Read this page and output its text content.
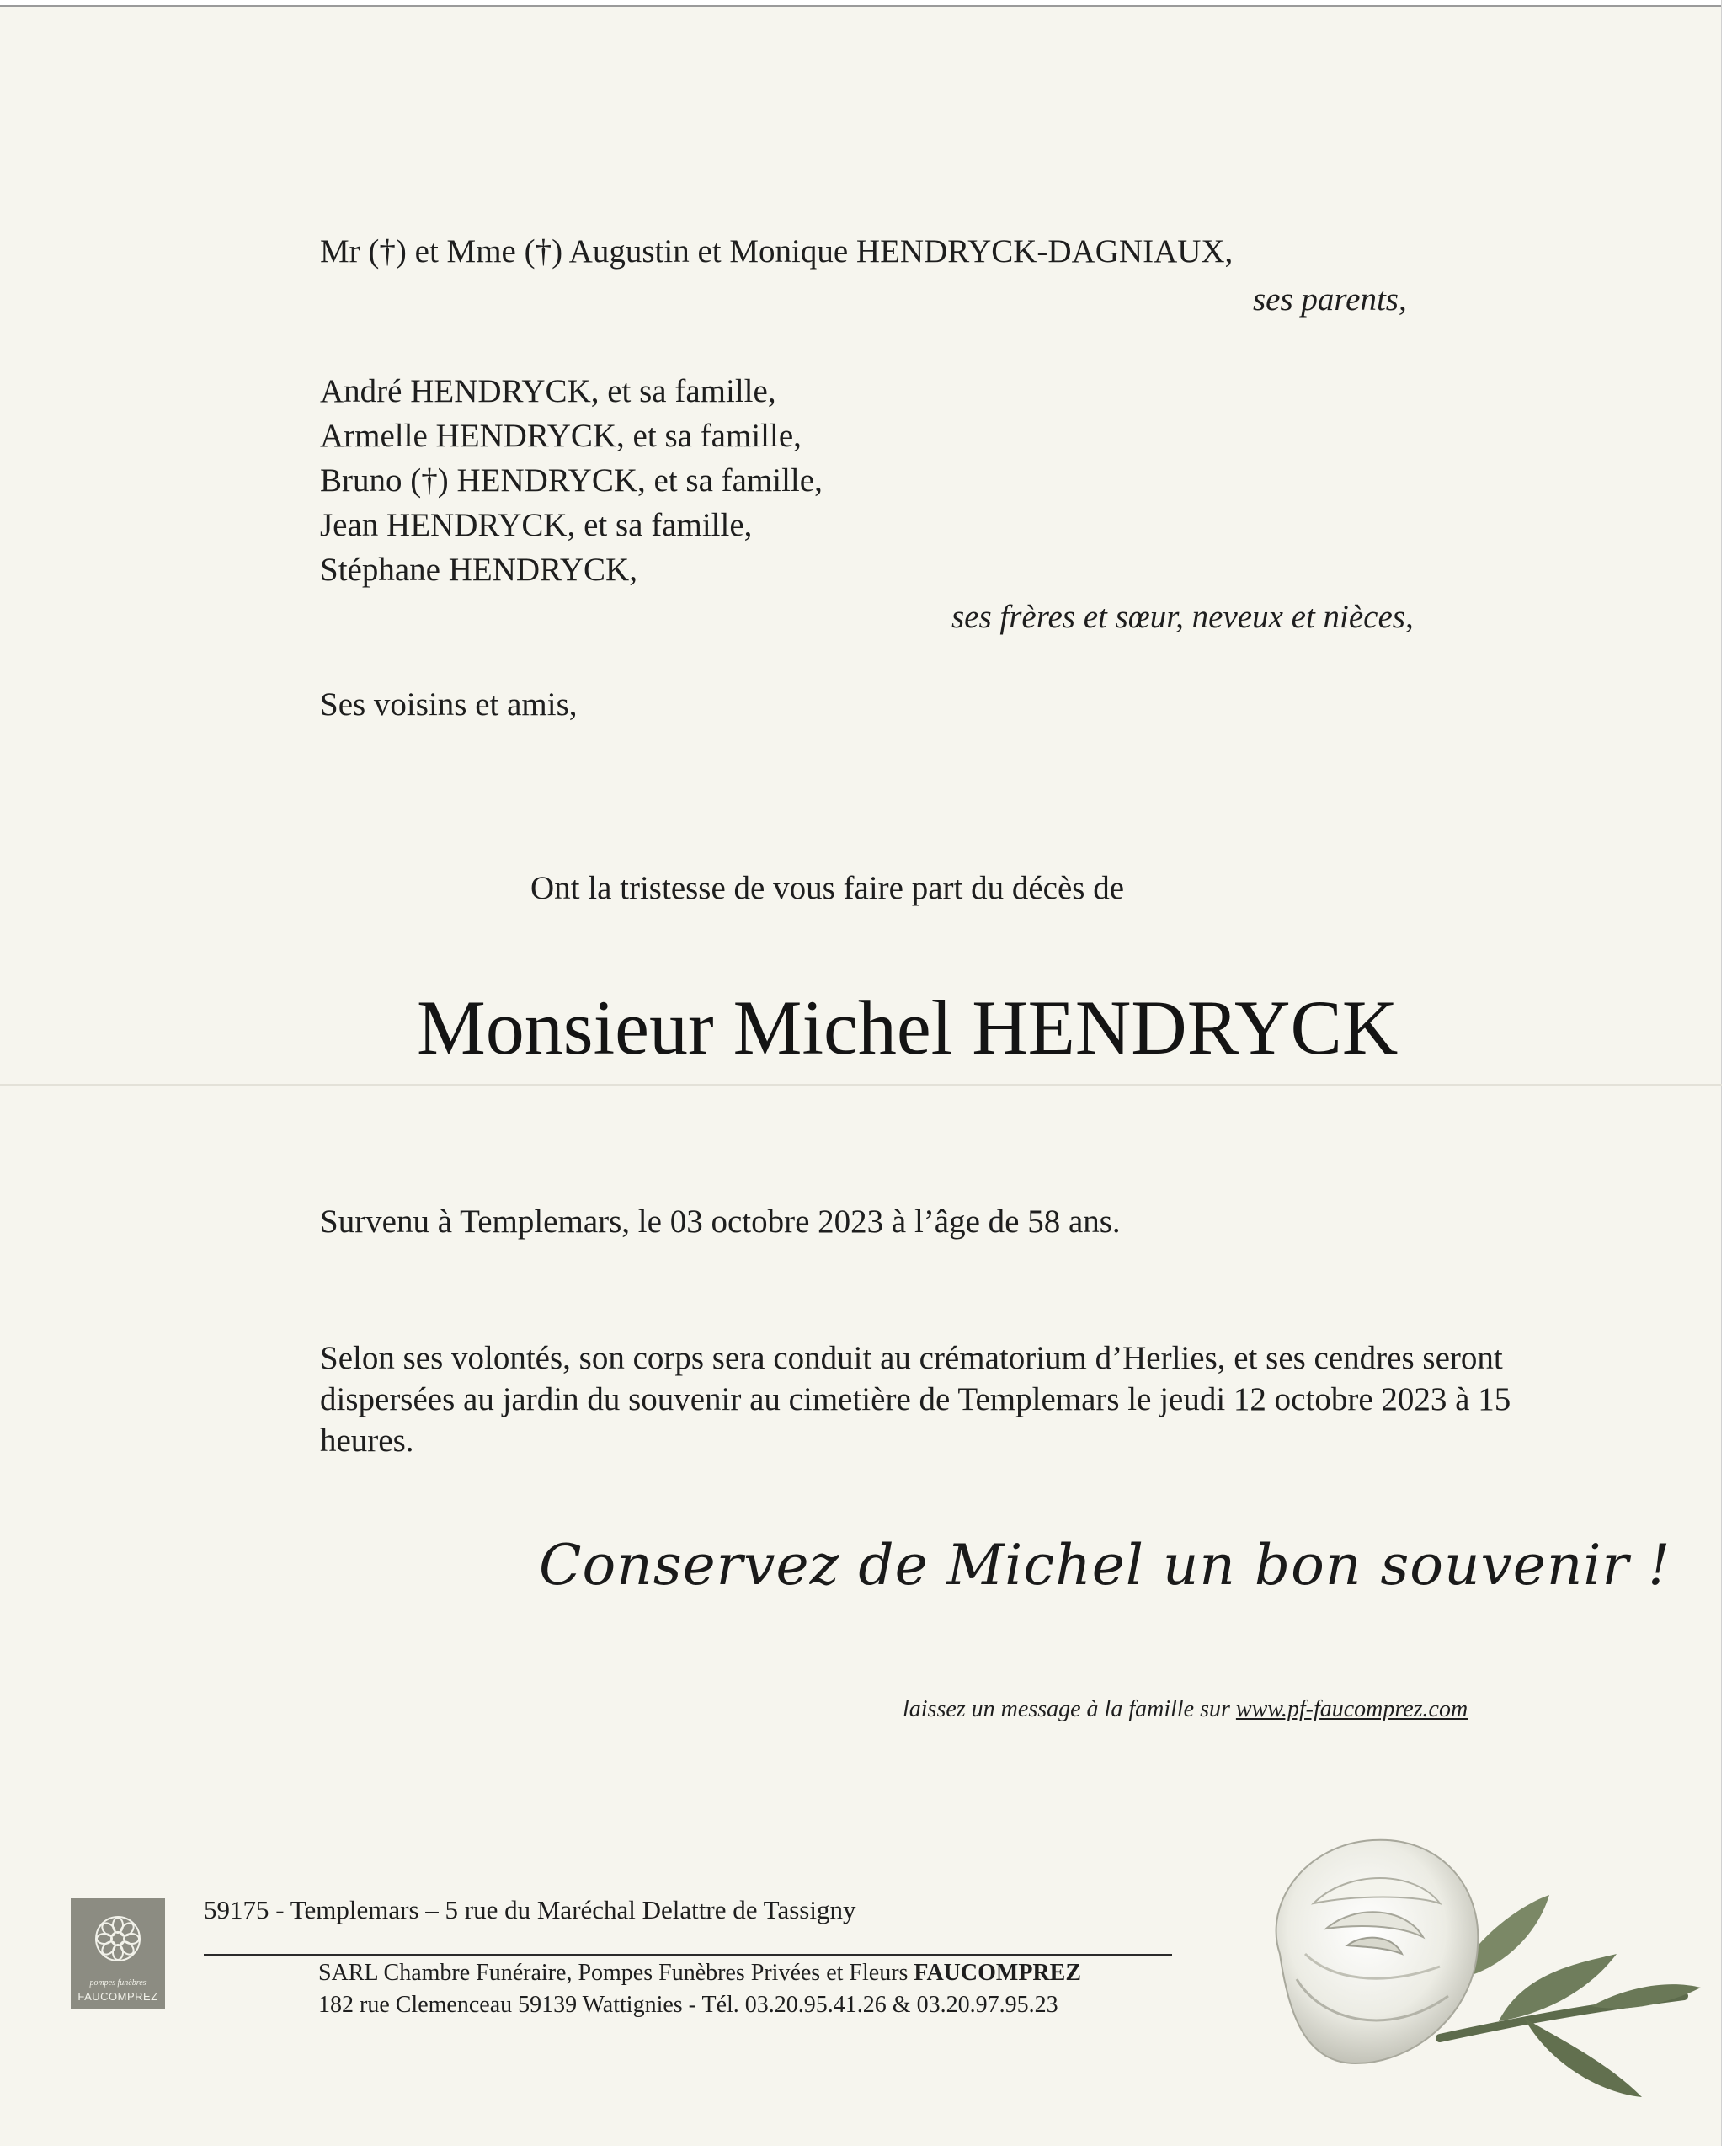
Mr (†) et Mme (†) Augustin et Monique HENDRYCK-DAGNIAUX,
ses parents,
André HENDRYCK, et sa famille,
Armelle HENDRYCK, et sa famille,
Bruno (†) HENDRYCK, et sa famille,
Jean HENDRYCK, et sa famille,
Stéphane HENDRYCK,
ses frères et sœur, neveux et nièces,
Ses voisins et amis,
Ont la tristesse de vous faire part du décès de
Monsieur Michel HENDRYCK
Survenu à Templemars, le 03 octobre 2023 à l’âge de 58 ans.
Selon ses volontés, son corps sera conduit au crématorium d’Herlies, et ses cendres seront dispersées au jardin du souvenir au cimetière de Templemars le jeudi 12 octobre 2023 à 15 heures.
Conservez de Michel un bon souvenir !
laissez un message à la famille sur www.pf-faucomprez.com
pompes funèbres
FAUCOMPREZ
59175 - Templemars – 5 rue du Maréchal Delattre de Tassigny
SARL Chambre Funéraire, Pompes Funèbres Privées et Fleurs FAUCOMPREZ
182 rue Clemenceau 59139 Wattignies - Tél. 03.20.95.41.26 & 03.20.97.95.23
